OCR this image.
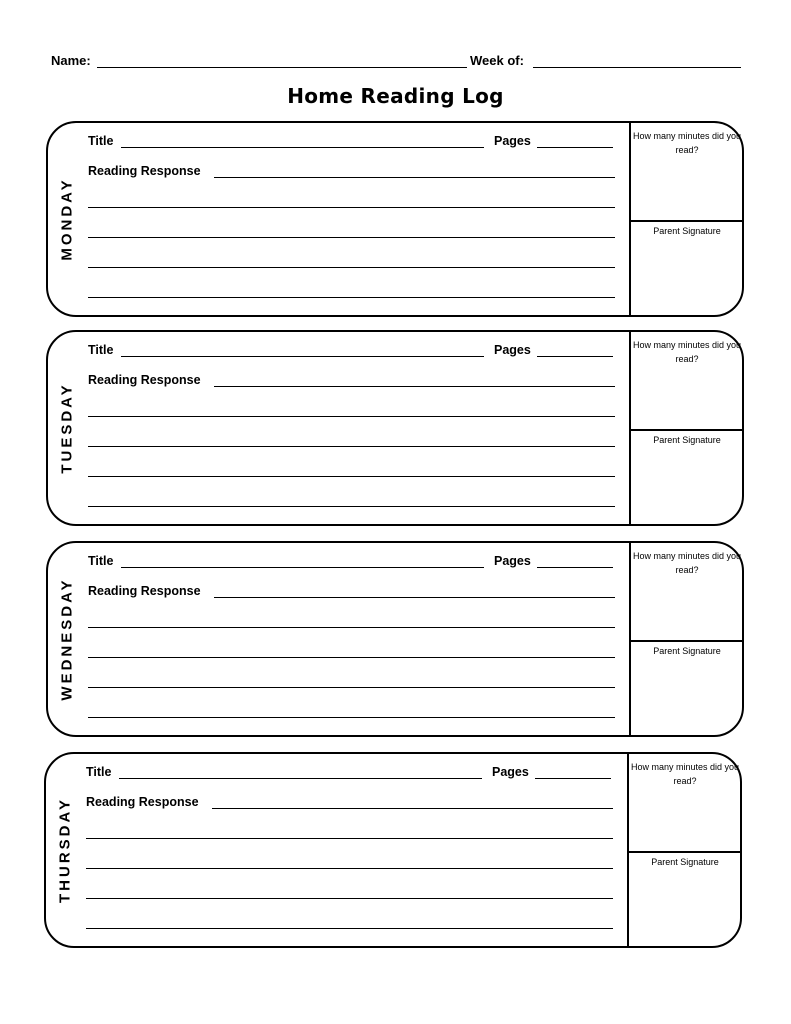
Name:	Week of:
Home Reading Log
MONDAY
Title	Pages
Reading Response
How many minutes did you read?
Parent Signature
TUESDAY
Title	Pages
Reading Response
How many minutes did you read?
Parent Signature
WEDNESDAY
Title	Pages
Reading Response
How many minutes did you read?
Parent Signature
THURSDAY
Title	Pages
Reading Response
How many minutes did you read?
Parent Signature
